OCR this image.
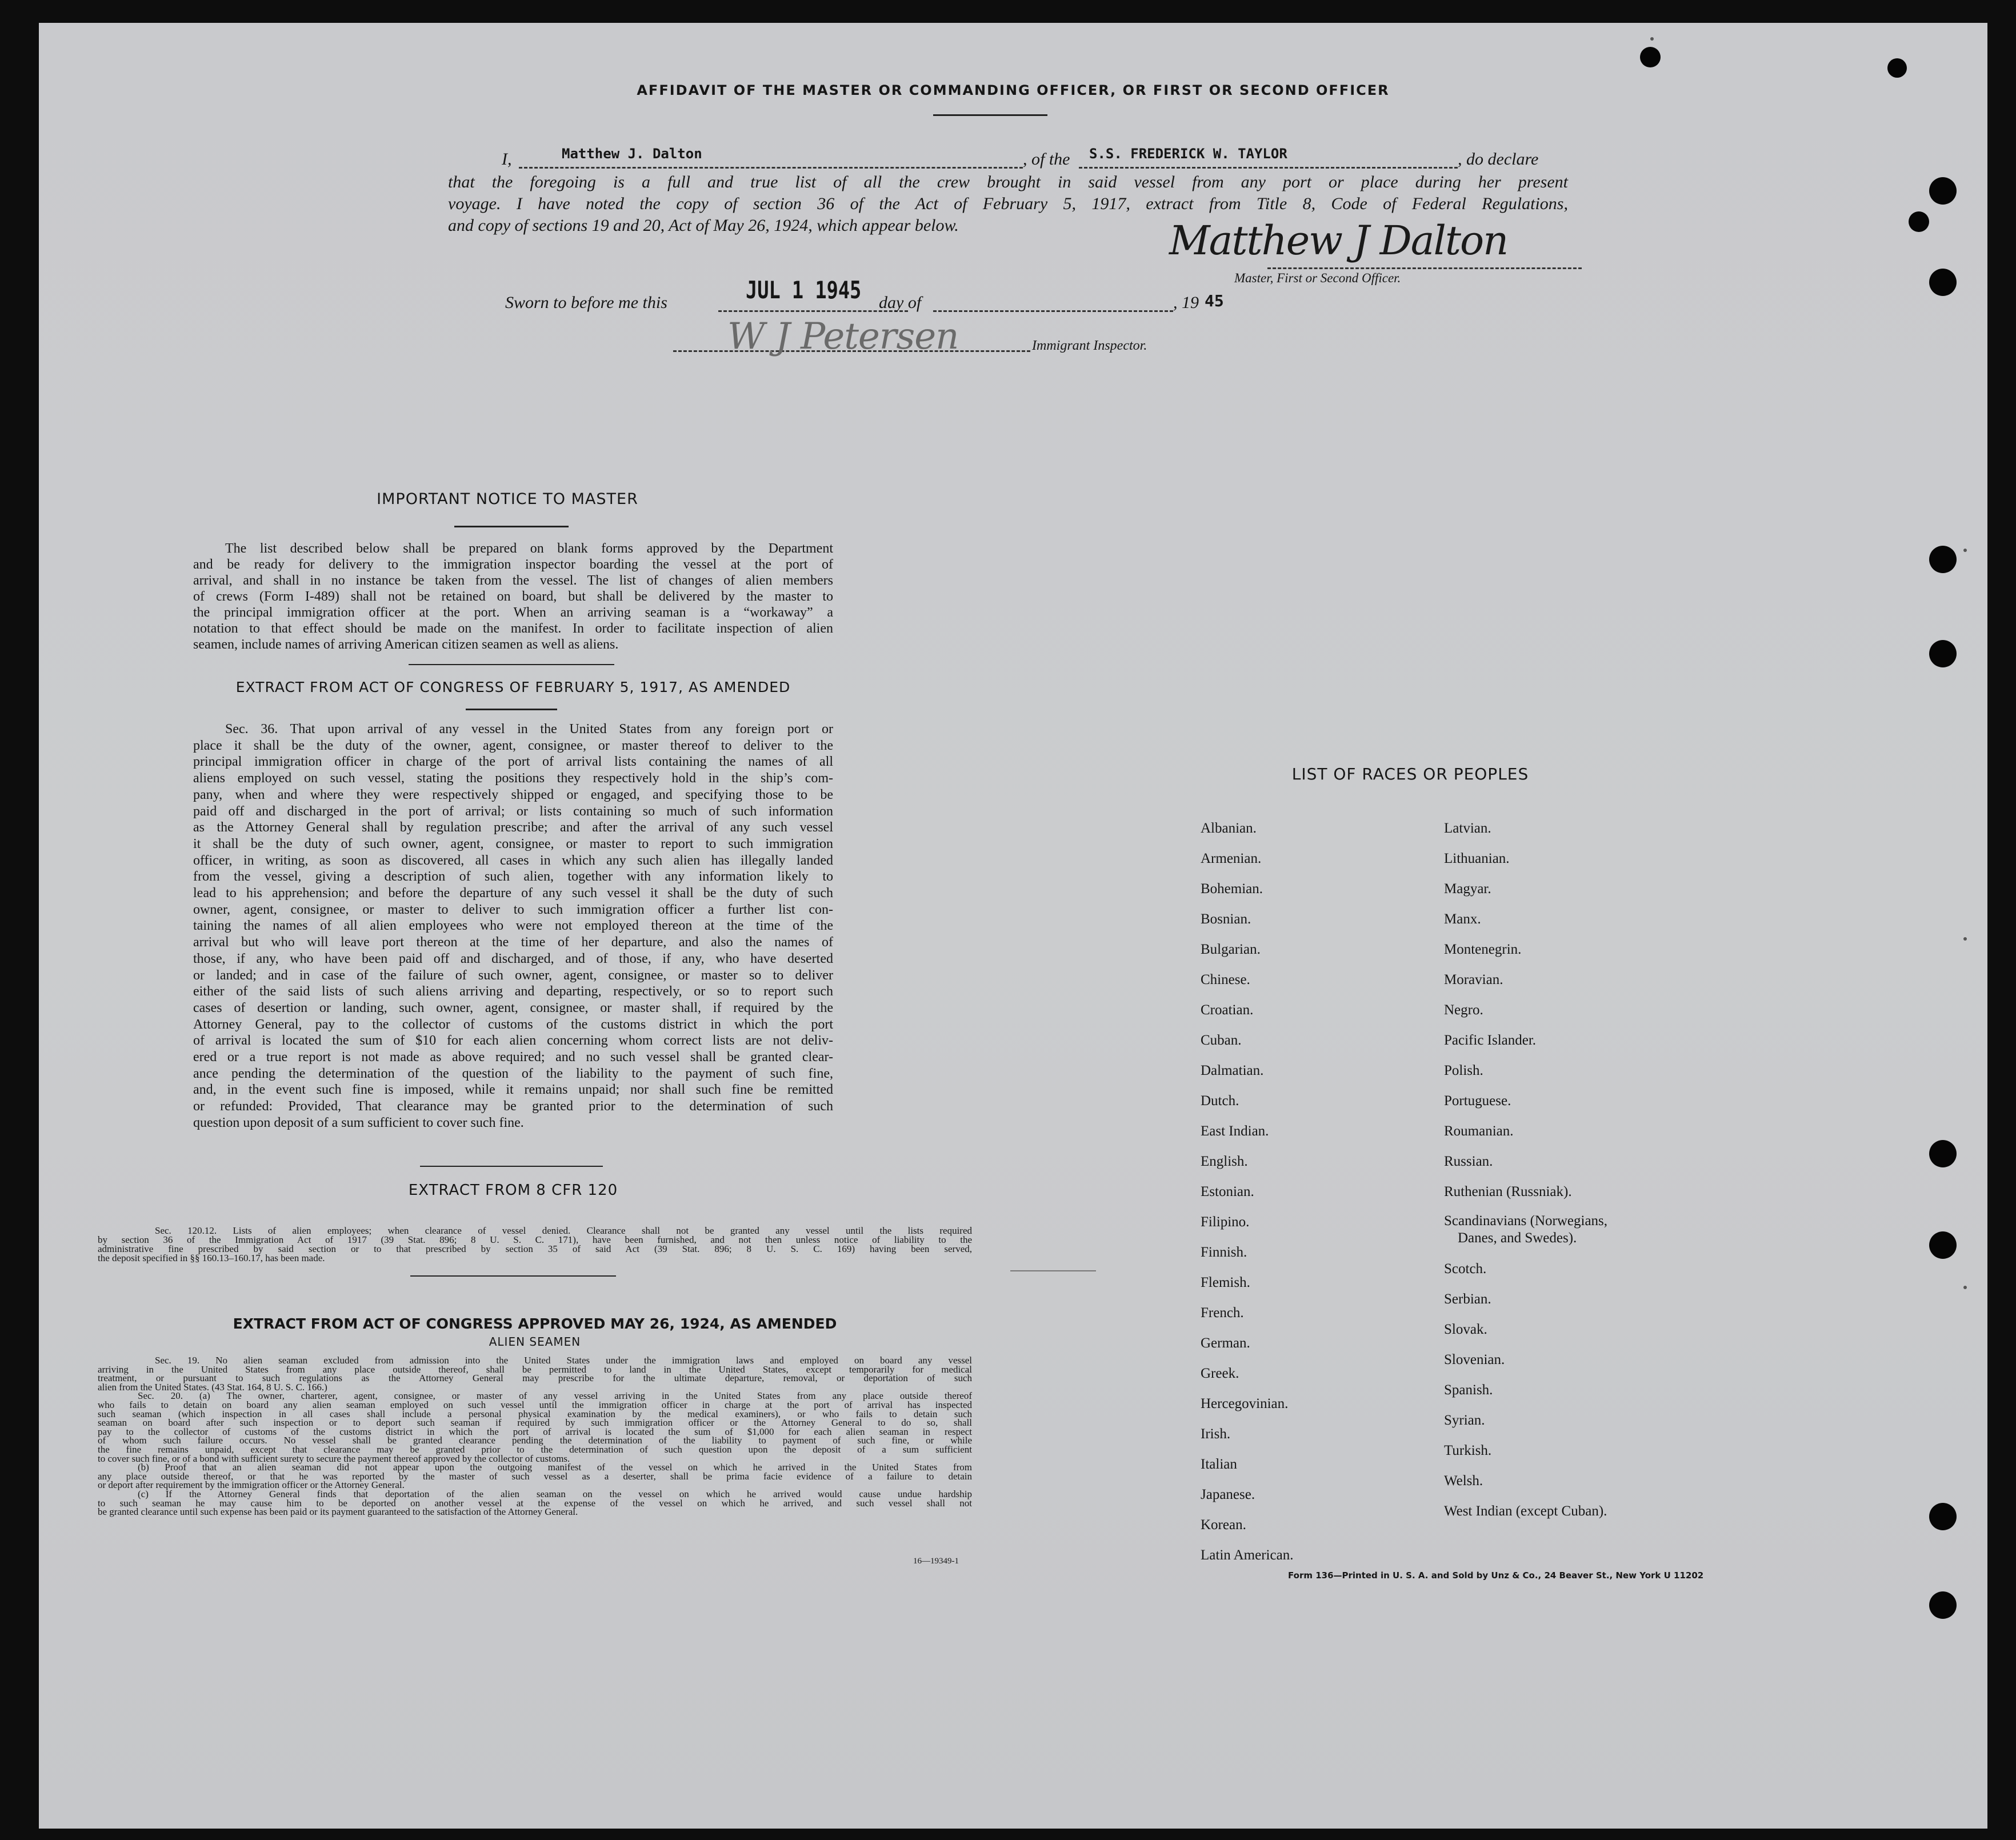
AFFIDAVIT OF THE MASTER OR COMMANDING OFFICER, OR FIRST OR SECOND OFFICER
I,	Matthew J. Dalton	, of the S.S. FREDERICK W. TAYLOR	, do declare
that the foregoing is a full and true list of all the crew brought in said vessel from any port or place during her present
voyage. I have noted the copy of section 36 of the Act of February 5, 1917, extract from Title 8, Code of Federal Regulations,
and copy of sections 19 and 20, Act of May 26, 1924, which appear below.	Matthew J Dalton
Master, First or Second Officer.
Sworn to before me this	JUL 1 1945 day of	, 19 45
W J Petersen	Immigrant Inspector.
IMPORTANT NOTICE TO MASTER
The list described below shall be prepared on blank forms approved by the Department
and be ready for delivery to the immigration inspector boarding the vessel at the port of
arrival, and shall in no instance be taken from the vessel. The list of changes of alien members
of crews (Form I-489) shall not be retained on board, but shall be delivered by the master to
the principal immigration officer at the port. When an arriving seaman is a “workaway” a
notation to that effect should be made on the manifest. In order to facilitate inspection of alien
seamen, include names of arriving American citizen seamen as well as aliens.
EXTRACT FROM ACT OF CONGRESS OF FEBRUARY 5, 1917, AS AMENDED
Sec. 36. That upon arrival of any vessel in the United States from any foreign port or
place it shall be the duty of the owner, agent, consignee, or master thereof to deliver to the
principal immigration officer in charge of the port of arrival lists containing the names of all
aliens employed on such vessel, stating the positions they respectively hold in the ship’s com-
pany, when and where they were respectively shipped or engaged, and specifying those to be
paid off and discharged in the port of arrival; or lists containing so much of such information
as the Attorney General shall by regulation prescribe; and after the arrival of any such vessel
it shall be the duty of such owner, agent, consignee, or master to report to such immigration
officer, in writing, as soon as discovered, all cases in which any such alien has illegally landed
from the vessel, giving a description of such alien, together with any information likely to
lead to his apprehension; and before the departure of any such vessel it shall be the duty of such
owner, agent, consignee, or master to deliver to such immigration officer a further list con-
taining the names of all alien employees who were not employed thereon at the time of the
arrival but who will leave port thereon at the time of her departure, and also the names of
those, if any, who have been paid off and discharged, and of those, if any, who have deserted
or landed; and in case of the failure of such owner, agent, consignee, or master so to deliver
either of the said lists of such aliens arriving and departing, respectively, or so to report such
cases of desertion or landing, such owner, agent, consignee, or master shall, if required by the
Attorney General, pay to the collector of customs of the customs district in which the port
of arrival is located the sum of $10 for each alien concerning whom correct lists are not deliv-
ered or a true report is not made as above required; and no such vessel shall be granted clear-
ance pending the determination of the question of the liability to the payment of such fine,
and, in the event such fine is imposed, while it remains unpaid; nor shall such fine be remitted
or refunded: Provided, That clearance may be granted prior to the determination of such
question upon deposit of a sum sufficient to cover such fine.
EXTRACT FROM 8 CFR 120
Sec. 120.12. Lists of alien employees; when clearance of vessel denied. Clearance shall not be granted any vessel until the lists required
by section 36 of the Immigration Act of 1917 (39 Stat. 896; 8 U. S. C. 171), have been furnished, and not then unless notice of liability to the
administrative fine prescribed by said section or to that prescribed by section 35 of said Act (39 Stat. 896; 8 U. S. C. 169) having been served,
the deposit specified in §§ 160.13–160.17, has been made.
EXTRACT FROM ACT OF CONGRESS APPROVED MAY 26, 1924, AS AMENDED
ALIEN SEAMEN
Sec. 19. No alien seaman excluded from admission into the United States under the immigration laws and employed on board any vessel
arriving in the United States from any place outside thereof, shall be permitted to land in the United States, except temporarily for medical
treatment, or pursuant to such regulations as the Attorney General may prescribe for the ultimate departure, removal, or deportation of such
alien from the United States. (43 Stat. 164, 8 U. S. C. 166.)
Sec. 20. (a) The owner, charterer, agent, consignee, or master of any vessel arriving in the United States from any place outside thereof
who fails to detain on board any alien seaman employed on such vessel until the immigration officer in charge at the port of arrival has inspected
such seaman (which inspection in all cases shall include a personal physical examination by the medical examiners), or who fails to detain such
seaman on board after such inspection or to deport such seaman if required by such immigration officer or the Attorney General to do so, shall
pay to the collector of customs of the customs district in which the port of arrival is located the sum of $1,000 for each alien seaman in respect
of whom such failure occurs. No vessel shall be granted clearance pending the determination of the liability to payment of such fine, or while
the fine remains unpaid, except that clearance may be granted prior to the determination of such question upon the deposit of a sum sufficient
to cover such fine, or of a bond with sufficient surety to secure the payment thereof approved by the collector of customs.
(b) Proof that an alien seaman did not appear upon the outgoing manifest of the vessel on which he arrived in the United States from
any place outside thereof, or that he was reported by the master of such vessel as a deserter, shall be prima facie evidence of a failure to detain
or deport after requirement by the immigration officer or the Attorney General.
(c) If the Attorney General finds that deportation of the alien seaman on the vessel on which he arrived would cause undue hardship
to such seaman he may cause him to be deported on another vessel at the expense of the vessel on which he arrived, and such vessel shall not
be granted clearance until such expense has been paid or its payment guaranteed to the satisfaction of the Attorney General.
16—19349-1
LIST OF RACES OR PEOPLES
Albanian.
Armenian.
Bohemian.
Bosnian.
Bulgarian.
Chinese.
Croatian.
Cuban.
Dalmatian.
Dutch.
East Indian.
English.
Estonian.
Filipino.
Finnish.
Flemish.
French.
German.
Greek.
Hercegovinian.
Irish.
Italian
Japanese.
Korean.
Latin American.
Latvian.
Lithuanian.
Magyar.
Manx.
Montenegrin.
Moravian.
Negro.
Pacific Islander.
Polish.
Portuguese.
Roumanian.
Russian.
Ruthenian (Russniak).
Scandinavians (Norwegians,
Danes, and Swedes).
Scotch.
Serbian.
Slovak.
Slovenian.
Spanish.
Syrian.
Turkish.
Welsh.
West Indian (except Cuban).
Form 136—Printed in U. S. A. and Sold by Unz & Co., 24 Beaver St., New York U 11202
